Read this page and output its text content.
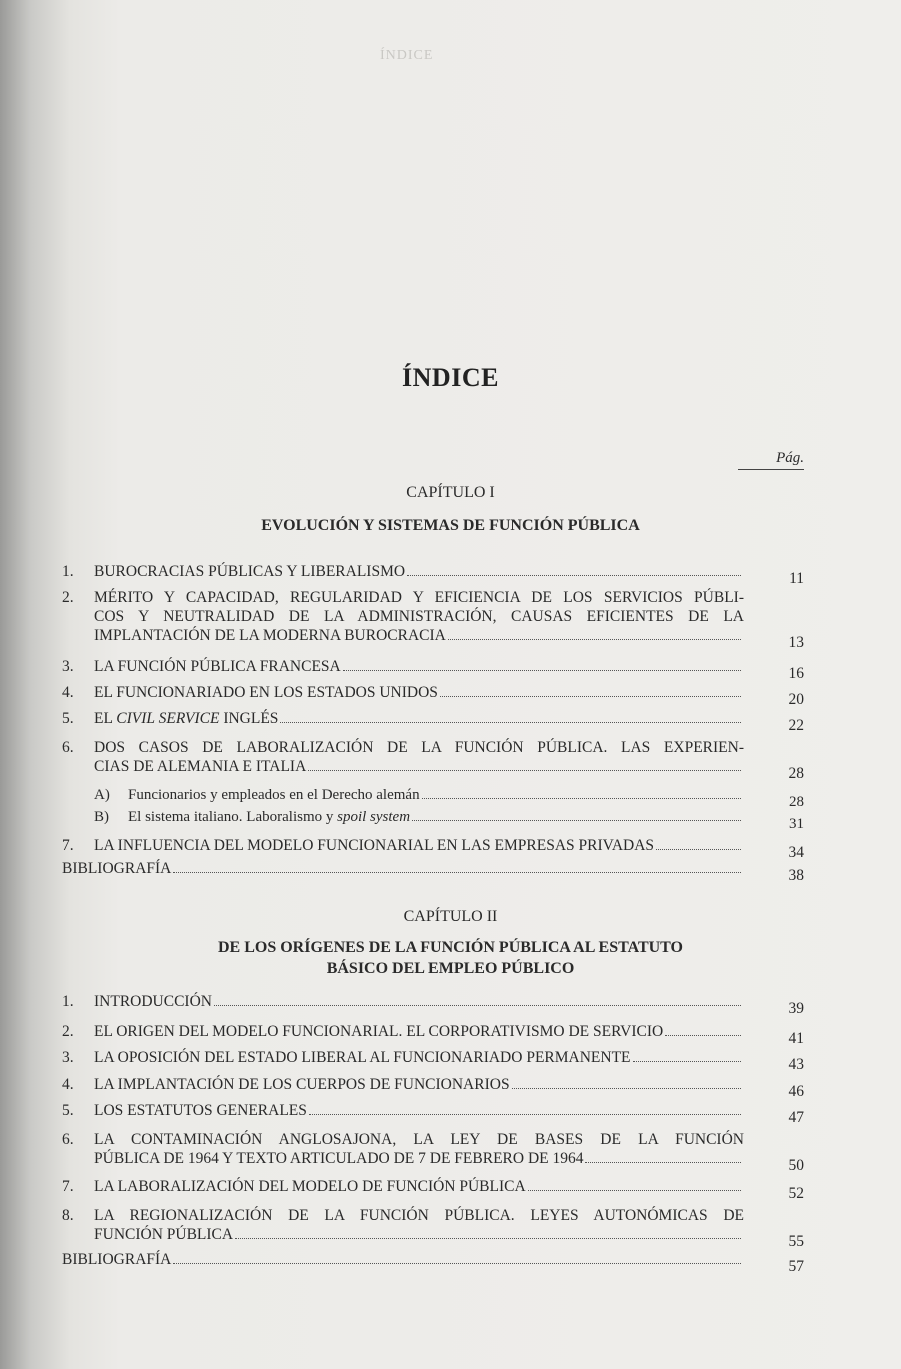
ÍNDICE
ÍNDICE
Pág.
CAPÍTULO I
EVOLUCIÓN Y SISTEMAS DE FUNCIÓN PÚBLICA
CAPÍTULO II
DE LOS ORÍGENES DE LA FUNCIÓN PÚBLICA AL ESTATUTO
BÁSICO DEL EMPLEO PÚBLICO
1.	BUROCRACIAS PÚBLICAS Y LIBERALISMO	11
2.	MÉRITO Y CAPACIDAD, REGULARIDAD Y EFICIENCIA DE LOS SERVICIOS PÚBLI-
COS Y NEUTRALIDAD DE LA ADMINISTRACIÓN, CAUSAS EFICIENTES DE LA
IMPLANTACIÓN DE LA MODERNA BUROCRACIA	13
3.	LA FUNCIÓN PÚBLICA FRANCESA	16
4.	EL FUNCIONARIADO EN LOS ESTADOS UNIDOS	20
5.	EL CIVIL SERVICE INGLÉS	22
6.	DOS CASOS DE LABORALIZACIÓN DE LA FUNCIÓN PÚBLICA. LAS EXPERIEN-
CIAS DE ALEMANIA E ITALIA	28
A)	Funcionarios y empleados en el Derecho alemán	28
B)	El sistema italiano. Laboralismo y spoil system	31
7.	LA INFLUENCIA DEL MODELO FUNCIONARIAL EN LAS EMPRESAS PRIVADAS	34
BIBLIOGRAFÍA	38
1.	INTRODUCCIÓN	39
2.	EL ORIGEN DEL MODELO FUNCIONARIAL. EL CORPORATIVISMO DE SERVICIO	41
3.	LA OPOSICIÓN DEL ESTADO LIBERAL AL FUNCIONARIADO PERMANENTE	43
4.	LA IMPLANTACIÓN DE LOS CUERPOS DE FUNCIONARIOS	46
5.	LOS ESTATUTOS GENERALES	47
6.	LA CONTAMINACIÓN ANGLOSAJONA, LA LEY DE BASES DE LA FUNCIÓN
PÚBLICA DE 1964 Y TEXTO ARTICULADO DE 7 DE FEBRERO DE 1964	50
7.	LA LABORALIZACIÓN DEL MODELO DE FUNCIÓN PÚBLICA	52
8.	LA REGIONALIZACIÓN DE LA FUNCIÓN PÚBLICA. LEYES AUTONÓMICAS DE
FUNCIÓN PÚBLICA	55
BIBLIOGRAFÍA	57
